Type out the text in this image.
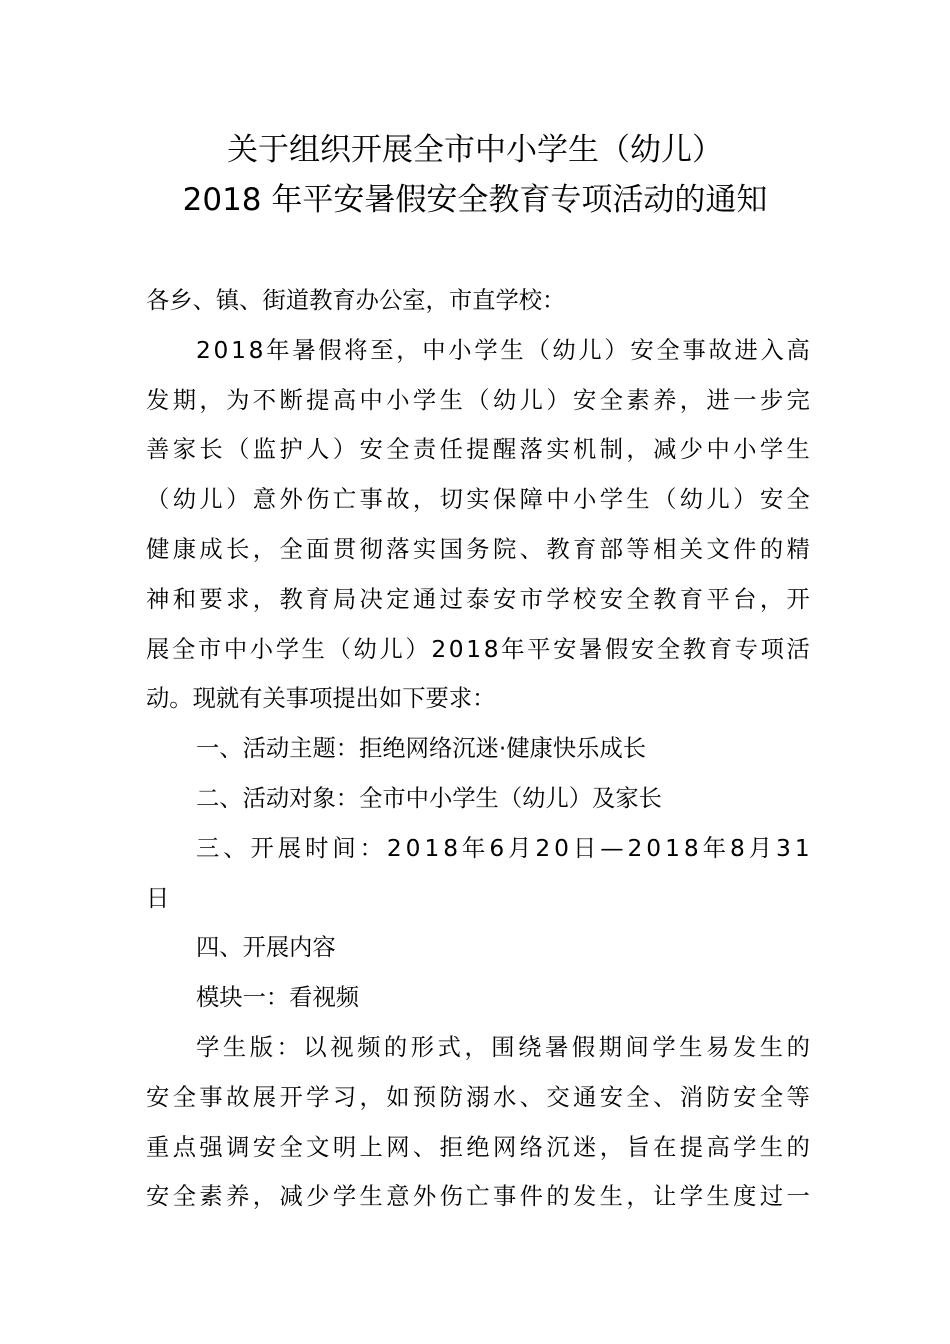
关于组织开展全市中小学生（幼儿）
2018 年平安暑假安全教育专项活动的通知
各乡、镇、街道教育办公室，市直学校：
2 0 1 8 年 暑 假 将 至 ， 中 小 学 生 （ 幼 儿 ） 安 全 事 故 进 入 高
发 期 ， 为 不 断 提 高 中 小 学 生 （ 幼 儿 ） 安 全 素 养 ， 进 一 步 完
善 家 长 （ 监 护 人 ） 安 全 责 任 提 醒 落 实 机 制 ， 减 少 中 小 学 生
（ 幼 儿 ） 意 外 伤 亡 事 故 ， 切 实 保 障 中 小 学 生 （ 幼 儿 ） 安 全
健 康 成 长 ， 全 面 贯 彻 落 实 国 务 院 、 教 育 部 等 相 关 文 件 的 精
神 和 要 求 ， 教 育 局 决 定 通 过 泰 安 市 学 校 安 全 教 育 平 台 ， 开
展 全 市 中 小 学 生 （ 幼 儿 ） 2 0 1 8 年 平 安 暑 假 安 全 教 育 专 项 活
动。现就有关事项提出如下要求：
一、活动主题：拒绝网络沉迷·健康快乐成长
二、活动对象：全市中小学生（幼儿）及家长
三 、 开 展 时 间 ： 2 0 1 8 年 6 月 2 0 日 — 2 0 1 8 年 8 月 3 1
日
四、开展内容
模块一：看视频
学 生 版 ： 以 视 频 的 形 式 ， 围 绕 暑 假 期 间 学 生 易 发 生 的
安 全 事 故 展 开 学 习 ， 如 预 防 溺 水 、 交 通 安 全 、 消 防 安 全 等
重 点 强 调 安 全 文 明 上 网 、 拒 绝 网 络 沉 迷 ， 旨 在 提 高 学 生 的
安 全 素 养 ， 减 少 学 生 意 外 伤 亡 事 件 的 发 生 ， 让 学 生 度 过 一
